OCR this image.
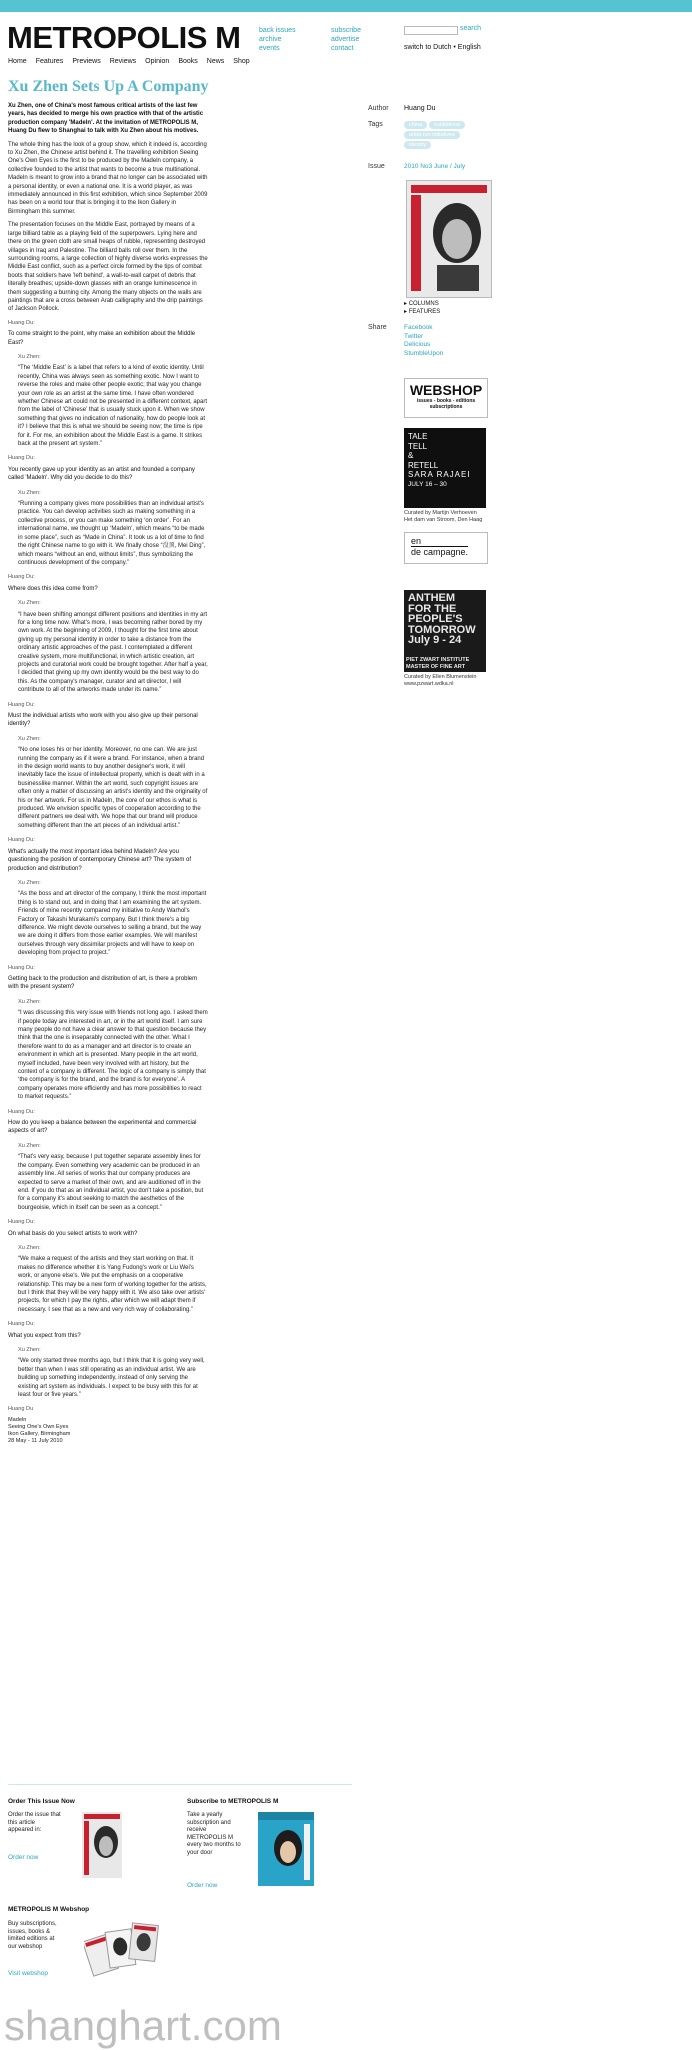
METROPOLIS M	back issues
archive
events
subscribe
advertise
contact
search
switch to Dutch • English
Home Features Previews Reviews Opinion Books News Shop
Xu Zhen Sets Up A Company

Xu Zhen, one of China's most famous critical artists of the last few years, has decided to merge his own practice with that of the artistic production company 'Madeln'. At the invitation of METROPOLIS M, Huang Du flew to Shanghai to talk with Xu Zhen about his motives.

The whole thing has the look of a group show, which it indeed is, according to Xu Zhen, the Chinese artist behind it. The travelling exhibition Seeing One's Own Eyes is the first to be produced by the Madeln company, a collective founded to the artist that wants to become a true multinational. Madeln is meant to grow into a brand that no longer can be associated with a personal identity, or even a national one. It is a world player, as was immediately announced in this first exhibition, which since September 2009 has been on a world tour that is bringing it to the Ikon Gallery in Birmingham this summer.

The presentation focuses on the Middle East, portrayed by means of a large billiard table as a playing field of the superpowers. Lying here and there on the green cloth are small heaps of rubble, representing destroyed villages in Iraq and Palestine. The billiard balls roll over them. In the surrounding rooms, a large collection of highly diverse works expresses the Middle East conflict, such as a perfect circle formed by the tips of combat boots that soldiers have 'left behind', a wall-to-wall carpet of debris that literally breathes; upside-down glasses with an orange luminescence in them suggesting a burning city. Among the many objects on the walls are paintings that are a cross between Arab calligraphy and the drip paintings of Jackson Pollock.

Huang Du:

To come straight to the point, why make an exhibition about the Middle East?

Xu Zhen:

“The ‘Middle East’ is a label that refers to a kind of exotic identity. Until recently, China was always seen as something exotic. Now I want to reverse the roles and make other people exotic; that way you change your own role as an artist at the same time. I have often wondered whether Chinese art could not be presented in a different context, apart from the label of ‘Chinese’ that is usually stuck upon it. When we show something that gives no indication of nationality, how do people look at it? I believe that this is what we should be seeing now; the time is ripe for it. For me, an exhibition about the Middle East is a game. It strikes back at the present art system.”

Huang Du:

You recently gave up your identity as an artist and founded a company called 'Madeln'. Why did you decide to do this?

Xu Zhen:

“Running a company gives more possibilities than an individual artist's practice. You can develop activities such as making something in a collective process, or you can make something ‘on order’. For an international name, we thought up ‘Madeln’, which means “to be made in some place”, such as “Made in China”. It took us a lot of time to find the right Chinese name to go with it. We finally chose “没顶, Mei Ding”, which means “without an end, without limits”, thus symbolizing the continuous development of the company.”

Huang Du:

Where does this idea come from?

Xu Zhen:

“I have been shifting amongst different positions and identities in my art for a long time now. What's more, I was becoming rather bored by my own work. At the beginning of 2009, I thought for the first time about giving up my personal identity in order to take a distance from the ordinary artistic approaches of the past. I contemplated a different creative system, more multifunctional, in which artistic creation, art projects and curatorial work could be brought together. After half a year, I decided that giving up my own identity would be the best way to do this. As the company's manager, curator and art director, I will contribute to all of the artworks made under its name.”

Huang Du:

Must the individual artists who work with you also give up their personal identity?

Xu Zhen:

“No one loses his or her identity. Moreover, no one can. We are just running the company as if it were a brand. For instance, when a brand in the design world wants to buy another designer's work, it will inevitably face the issue of intellectual property, which is dealt with in a businesslike manner. Within the art world, such copyright issues are often only a matter of discussing an artist's identity and the originality of his or her artwork. For us in Madeln, the core of our ethos is what is produced. We envision specific types of cooperation according to the different partners we deal with. We hope that our brand will produce something different than the art pieces of an individual artist.”

Huang Du:

What's actually the most important idea behind Madeln? Are you questioning the position of contemporary Chinese art? The system of production and distribution?

Xu Zhen:

“As the boss and art director of the company, I think the most important thing is to stand out, and in doing that I am examining the art system. Friends of mine recently compared my initiative to Andy Warhol's Factory or Takashi Murakami's company. But I think there's a big difference. We might devote ourselves to selling a brand, but the way we are doing it differs from those earlier examples. We will manifest ourselves through very dissimilar projects and will have to keep on developing from project to project.”

Huang Du:

Getting back to the production and distribution of art, is there a problem with the present system?

Xu Zhen:

“I was discussing this very issue with friends not long ago. I asked them if people today are interested in art, or in the art world itself. I am sure many people do not have a clear answer to that question because they think that the one is inseparably connected with the other. What I therefore want to do as a manager and art director is to create an environment in which art is presented. Many people in the art world, myself included, have been very involved with art history, but the context of a company is different. The logic of a company is simply that ‘the company is for the brand, and the brand is for everyone’. A company operates more efficiently and has more possibilities to react to market requests.”

Huang Du:

How do you keep a balance between the experimental and commercial aspects of art?

Xu Zhen:

“That's very easy, because I put together separate assembly lines for the company. Even something very academic can be produced in an assembly line. All series of works that our company produces are expected to serve a market of their own, and are auditioned off in the end. If you do that as an individual artist, you don't take a position, but for a company it's about seeking to match the aesthetics of the bourgeoisie, which in itself can be seen as a concept.”

Huang Du:

On what basis do you select artists to work with?

Xu Zhen:

“We make a request of the artists and they start working on that. It makes no difference whether it is Yang Fudong's work or Liu Wei's work, or anyone else's. We put the emphasis on a cooperative relationship. This may be a new form of working together for the artists, but I think that they will be very happy with it. We also take over artists' projects, for which I pay the rights, after which we will adapt them if necessary. I see that as a new and very rich way of collaborating.”

Huang Du:

What you expect from this?

Xu Zhen:

“We only started three months ago, but I think that it is going very well, better than when I was still operating as an individual artist. We are building up something independently, instead of only serving the existing art system as individuals. I expect to be busy with this for at least four or five years.”

Huang Du

Madeln
Seeing One's Own Eyes
Ikon Gallery, Birmingham
28 May - 11 July 2010
Author Huang Du
Tags	china exhibitions artist-run initiatives identity
Issue	2010 No3 June / July
▸ COLUMNS
▸ FEATURES
Share	Facebook
Twitter
Delicious
StumbleUpon
WEBSHOP
issues - books - editions
subscriptions
TALE
TELL
&
RETELL
SARA RAJAEI
JULY 16 – 30
Curated by Martijn Verhoeven
Het dam van Stroom, Den Haag
en
de campagne.
ANTHEM
FOR THE
PEOPLE'S
TOMORROW
July 9 - 24
PIET ZWART INSTITUTE MASTER OF FINE ART
Curated by Ellen Blumenstein
www.pzwart.wdka.nl
Order This Issue Now
Order the issue that
this article
appeared in:
Order now
Subscribe to METROPOLIS M
Take a yearly
subscription and
receive
METROPOLIS M
every two months to
your door
Order now
METROPOLIS M Webshop
Buy subscriptions,
issues, books &
limited editions at
our webshop
Visit webshop
shanghart.com
